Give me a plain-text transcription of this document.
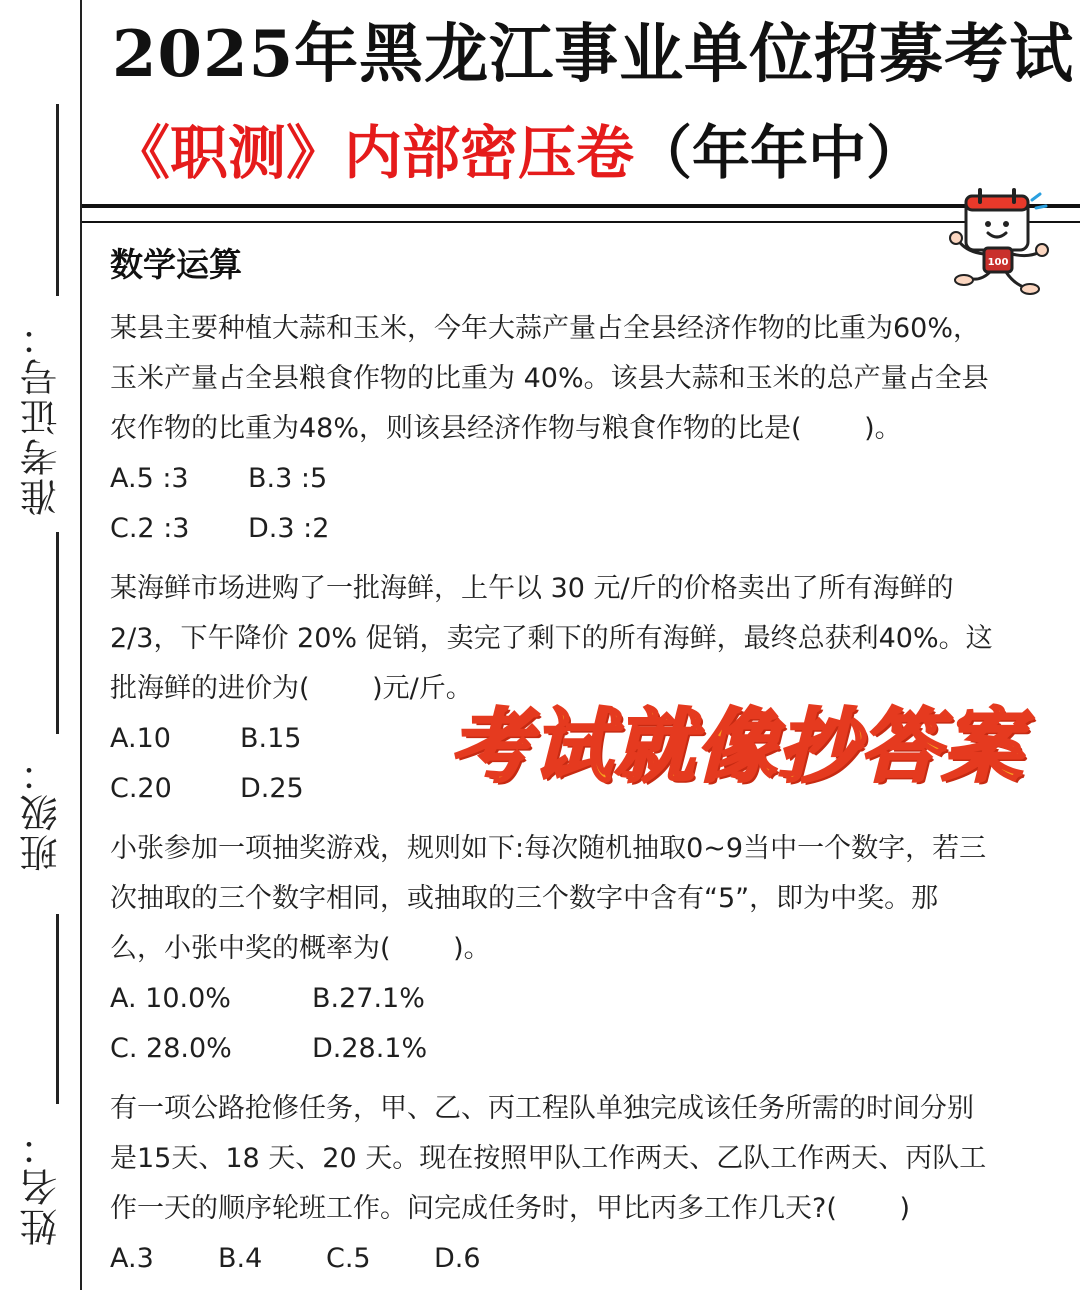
准考证号：
班级：
姓名：
2025年黑龙江事业单位招募考试
《职测》内部密压卷（年年中）
100
数学运算
某县主要种植大蒜和玉米，今年大蒜产量占全县经济作物的比重为60%，
玉米产量占全县粮食作物的比重为 40%。该县大蒜和玉米的总产量占全县
农作物的比重为48%，则该县经济作物与粮食作物的比是(　　 )。
A.5 :3 B.3 :5
C.2 :3 D.3 :2
某海鲜市场进购了一批海鲜，上午以 30 元/斤的价格卖出了所有海鲜的
2/3，下午降价 20% 促销，卖完了剩下的所有海鲜，最终总获利40%。这
批海鲜的进价为(　　 )元/斤。
A.10	B.15
C.20	D.25	考试就像抄答案
小张参加一项抽奖游戏，规则如下:每次随机抽取0~9当中一个数字，若三
次抽取的三个数字相同，或抽取的三个数字中含有“5”，即为中奖。那
么，小张中奖的概率为(　　 )。
A. 10.0%	B.27.1%
C. 28.0%	D.28.1%
有一项公路抢修任务，甲、乙、丙工程队单独完成该任务所需的时间分别
是15天、18 天、20 天。现在按照甲队工作两天、乙队工作两天、丙队工
作一天的顺序轮班工作。问完成任务时，甲比丙多工作几天?(　　 )
A.3 B.4 C.5 D.6
